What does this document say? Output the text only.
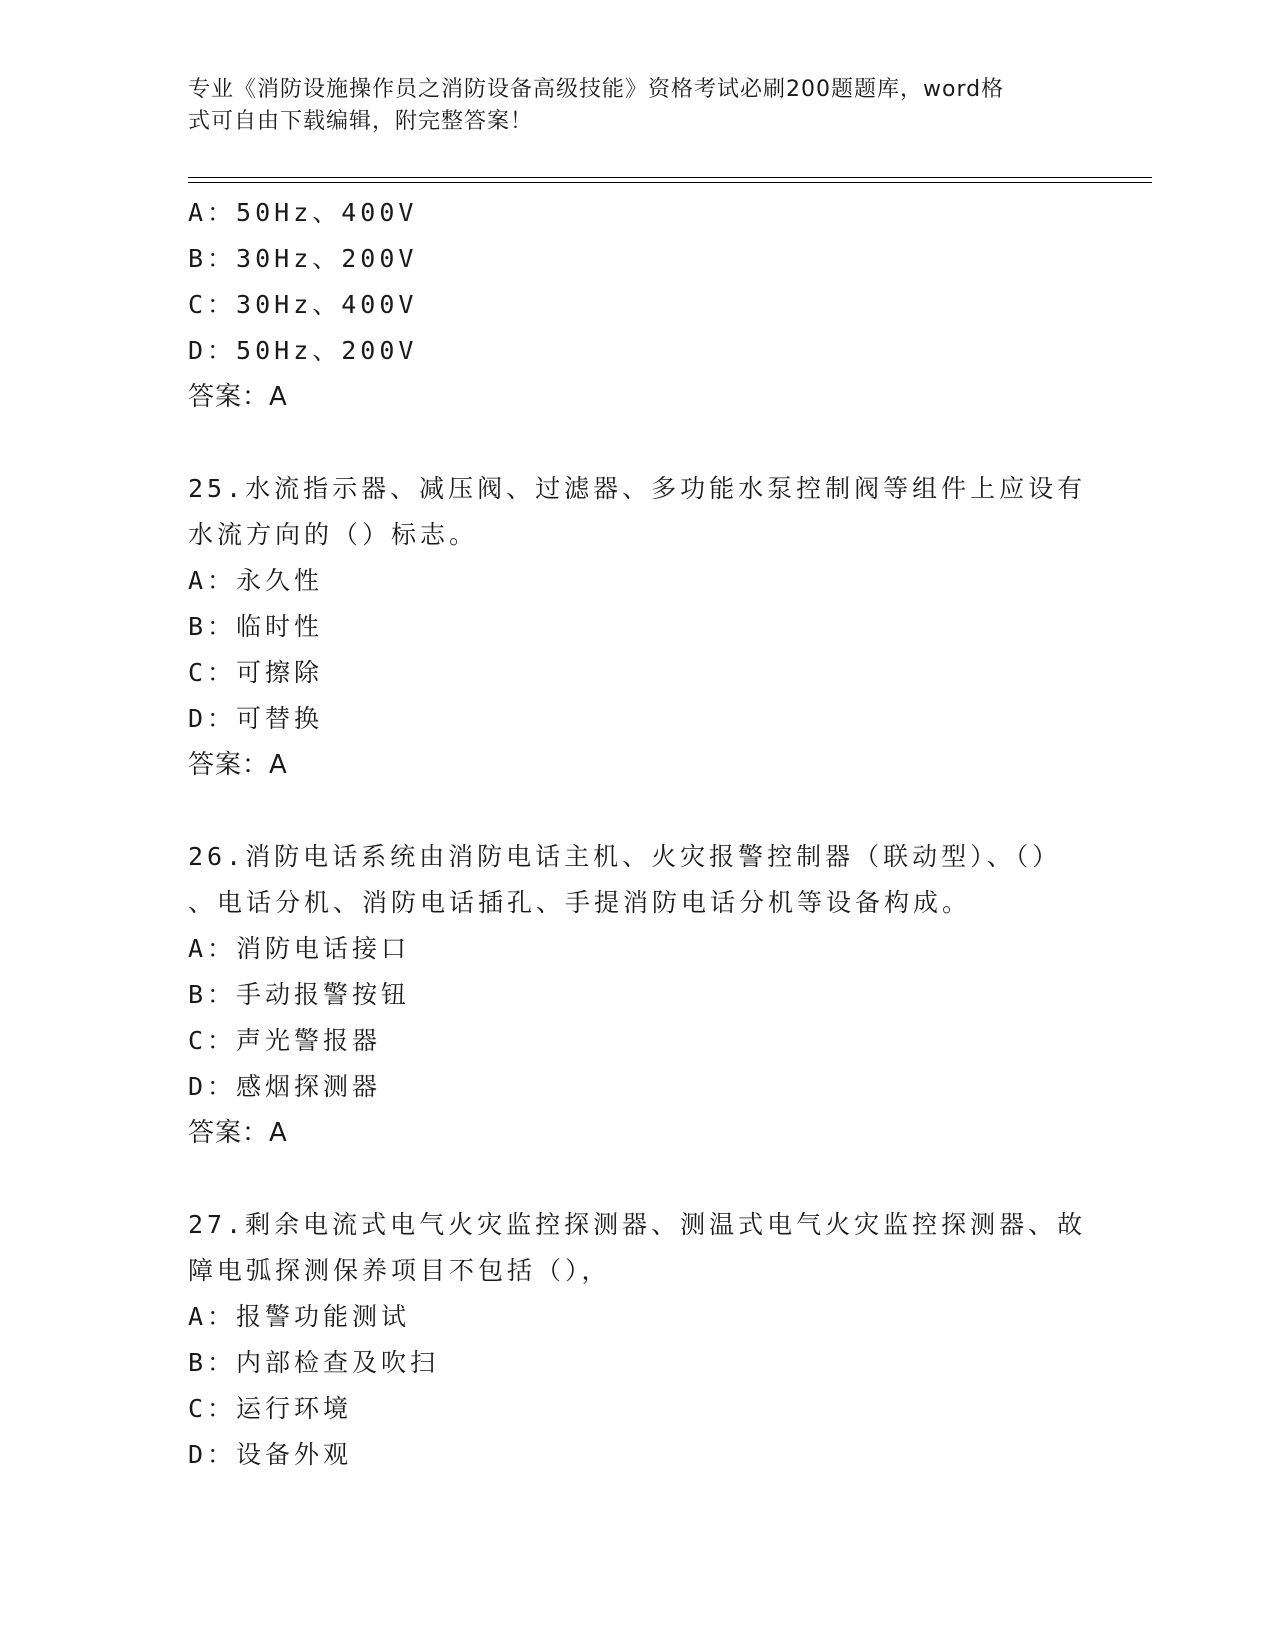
专业《消防设施操作员之消防设备高级技能》资格考试必刷200题题库，word格
式可自由下载编辑，附完整答案！
A：50Hz、400V
B：30Hz、200V
C：30Hz、400V
D：50Hz、200V
答案：A
25.水流指示器、减压阀、过滤器、多功能水泵控制阀等组件上应设有
水流方向的（）标志。
A：永久性
B：临时性
C：可擦除
D：可替换
答案：A
26.消防电话系统由消防电话主机、火灾报警控制器（联动型）、（）
、电话分机、消防电话插孔、手提消防电话分机等设备构成。
A：消防电话接口
B：手动报警按钮
C：声光警报器
D：感烟探测器
答案：A
27.剩余电流式电气火灾监控探测器、测温式电气火灾监控探测器、故
障电弧探测保养项目不包括（），
A：报警功能测试
B：内部检查及吹扫
C：运行环境
D：设备外观
